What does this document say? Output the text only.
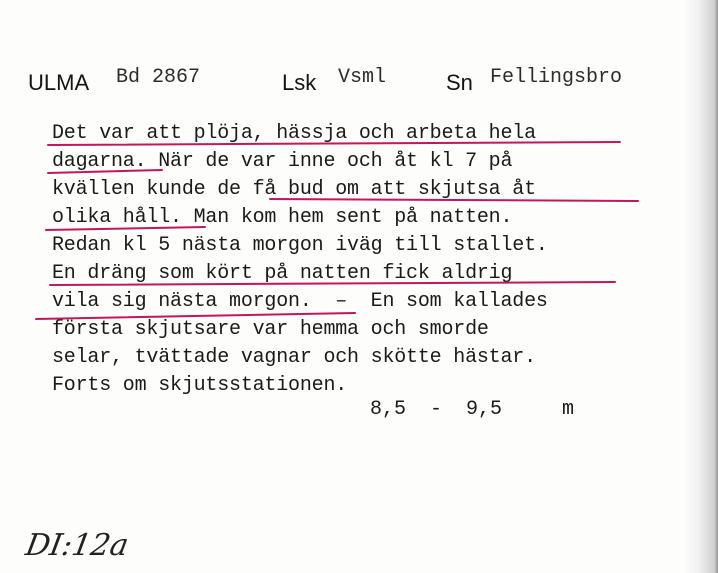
ULMA Bd 2867	Lsk Vsml	Sn Fellingsbro
Det var att plöja, hässja och arbeta hela
dagarna. När de var inne och åt kl 7 på
kvällen kunde de få bud om att skjutsa åt
olika håll. Man kom hem sent på natten.
Redan kl 5 nästa morgon iväg till stallet.
En dräng som kört på natten fick aldrig
vila sig nästa morgon.  –  En som kallades
första skjutsare var hemma och smorde
selar, tvättade vagnar och skötte hästar.
Forts om skjutsstationen.
8,5  -  9,5     m
DI:12a
